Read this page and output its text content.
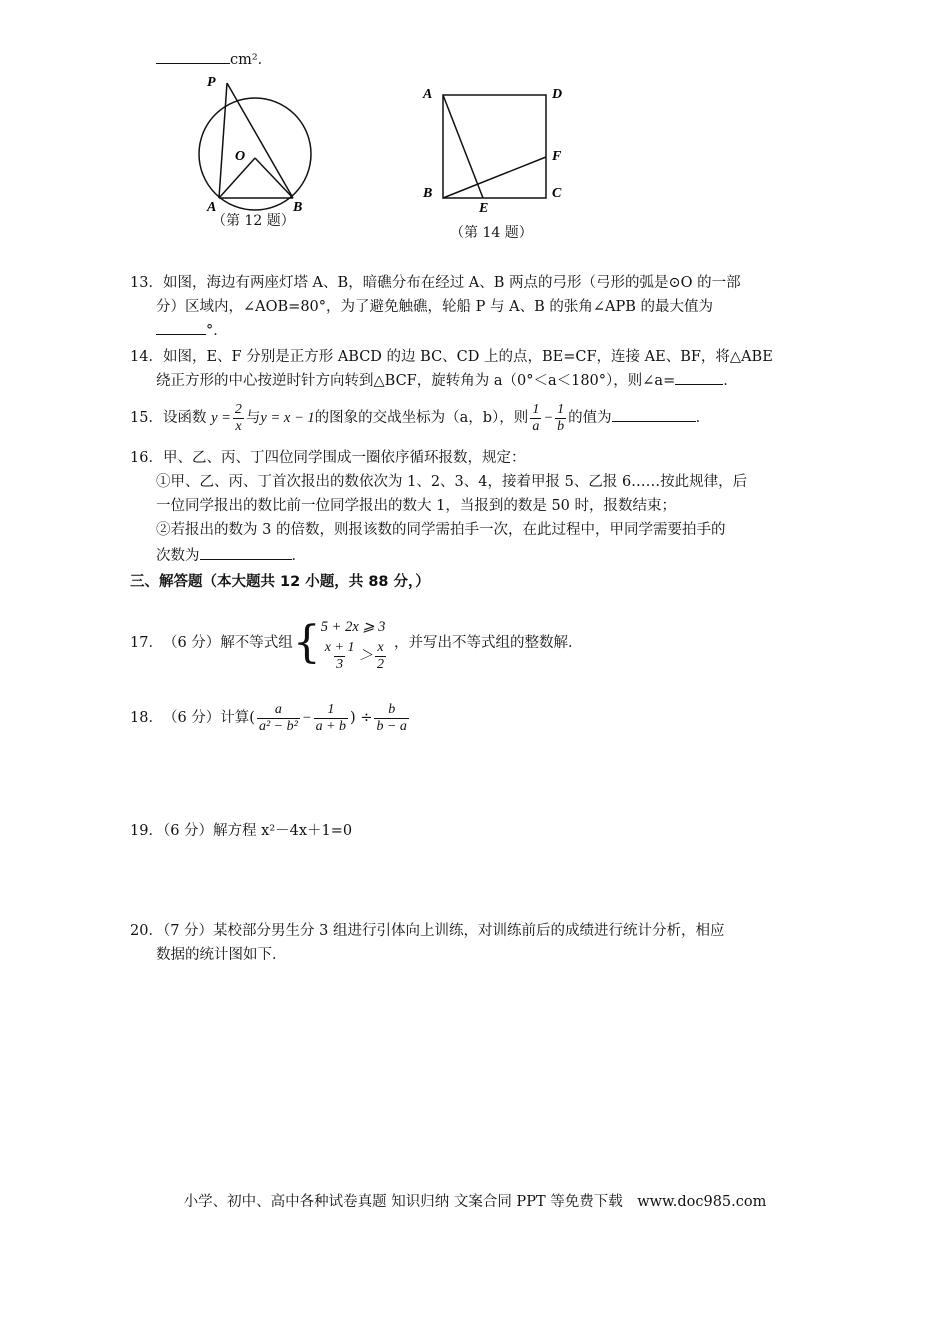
cm²．
P
O
A	B
（第 12 题）
A	D
F
B	C
E
（第 14 题）
13．如图，海边有两座灯塔 A、B，暗礁分布在经过 A、B 两点的弓形（弓形的弧是⊙O 的一部
分）区域内，∠AOB=80°，为了避免触礁，轮船 P 与 A、B 的张角∠APB 的最大值为
°．
14．如图，E、F 分别是正方形 ABCD 的边 BC、CD 上的点，BE=CF，连接 AE、BF，将△ABE
绕正方形的中心按逆时针方向转到△BCF，旋转角为 a（0°＜a＜180°），则∠a=	．
15．设函数 $y = \frac{2}{x}$ 与y = x − 1的图象的交战坐标为（a，b），则 $\frac{1}{a} - \frac{1}{b}$ 的值为	．
16．甲、乙、丙、丁四位同学围成一圈依序循环报数，规定：
①甲、乙、丙、丁首次报出的数依次为 1、2、3、4，接着甲报 5、乙报 6……按此规律，后
一位同学报出的数比前一位同学报出的数大 1，当报到的数是 50 时，报数结束；
②若报出的数为 3 的倍数，则报该数的同学需拍手一次，在此过程中，甲同学需要拍手的
次数为	．
三、解答题（本大题共 12 小题，共 88 分，）
17． （6 分）解不等式组 { 5 + 2x ⩾ 3
$\frac{x + 1}{3} > \frac{x}{2}$ ，并写出不等式组的整数解．
18． （6 分）计算( $\frac{a}{\text{a² − b²}} - \frac{1}{a + b}$ ) ÷ $\frac{b}{b - a}$
19．（6 分）解方程 x²－4x＋1=0
20．（7 分）某校部分男生分 3 组进行引体向上训练，对训练前后的成绩进行统计分析，相应
数据的统计图如下．
小学、初中、高中各种试卷真题 知识归纳 文案合同 PPT 等免费下载　www.doc985.com
